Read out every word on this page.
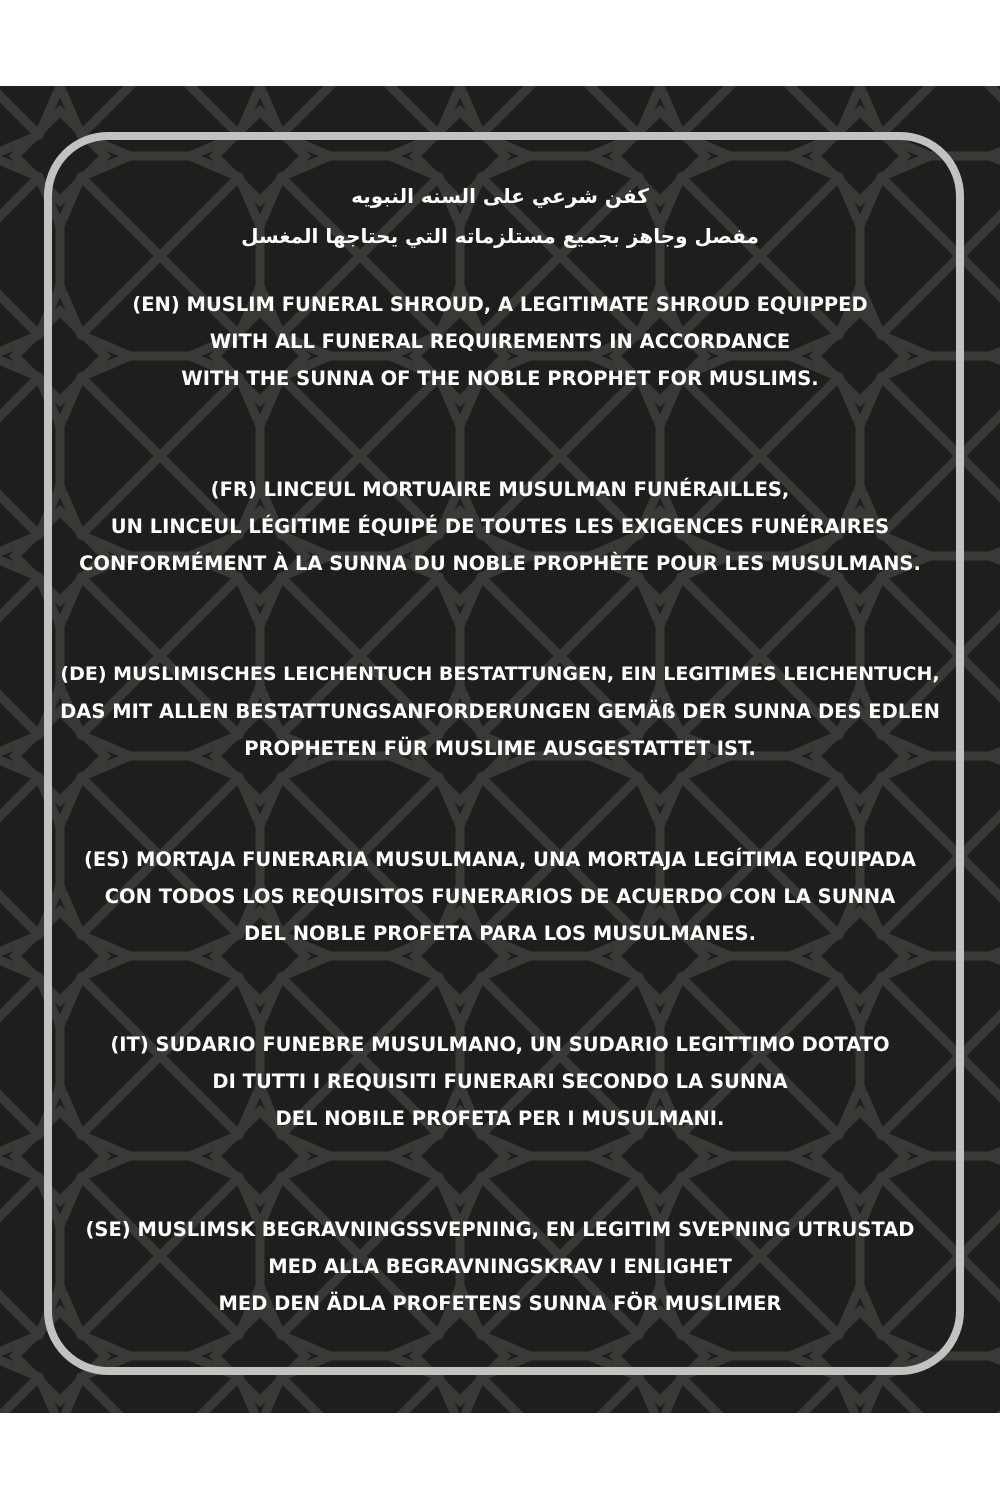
كفن شرعي على السنه النبويه
مفصل وجاهز بجميع مستلزماته التي يحتاجها المغسل
(EN) MUSLIM FUNERAL SHROUD, A LEGITIMATE SHROUD EQUIPPED
WITH ALL FUNERAL REQUIREMENTS IN ACCORDANCE
WITH THE SUNNA OF THE NOBLE PROPHET FOR MUSLIMS.
(FR) LINCEUL MORTUAIRE MUSULMAN FUNÉRAILLES,
UN LINCEUL LÉGITIME ÉQUIPÉ DE TOUTES LES EXIGENCES FUNÉRAIRES
CONFORMÉMENT À LA SUNNA DU NOBLE PROPHÈTE POUR LES MUSULMANS.
(DE) MUSLIMISCHES LEICHENTUCH BESTATTUNGEN, EIN LEGITIMES LEICHENTUCH,
DAS MIT ALLEN BESTATTUNGSANFORDERUNGEN GEMÄß DER SUNNA DES EDLEN
PROPHETEN FÜR MUSLIME AUSGESTATTET IST.
(ES) MORTAJA FUNERARIA MUSULMANA, UNA MORTAJA LEGÍTIMA EQUIPADA
CON TODOS LOS REQUISITOS FUNERARIOS DE ACUERDO CON LA SUNNA
DEL NOBLE PROFETA PARA LOS MUSULMANES.
(IT) SUDARIO FUNEBRE MUSULMANO, UN SUDARIO LEGITTIMO DOTATO
DI TUTTI I REQUISITI FUNERARI SECONDO LA SUNNA
DEL NOBILE PROFETA PER I MUSULMANI.
(SE) MUSLIMSK BEGRAVNINGSSVEPNING, EN LEGITIM SVEPNING UTRUSTAD
MED ALLA BEGRAVNINGSKRAV I ENLIGHET
MED DEN ÄDLA PROFETENS SUNNA FÖR MUSLIMER
